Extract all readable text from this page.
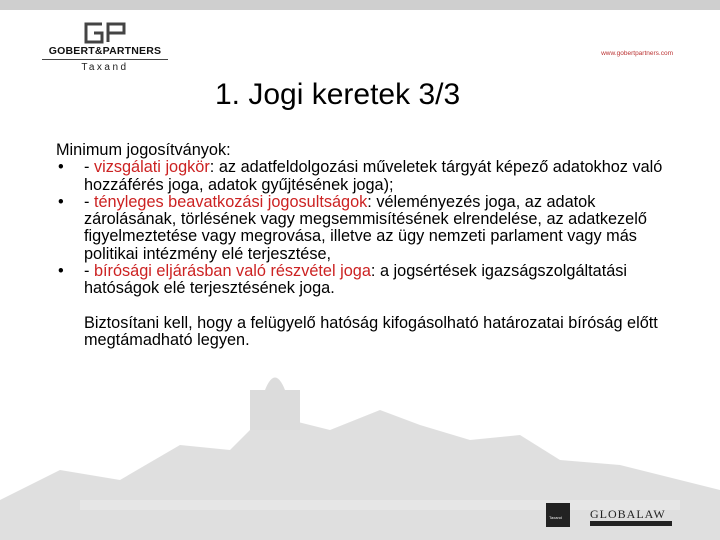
GOBERT&PARTNERS
Taxand
www.gobertpartners.com
1. Jogi keretek 3/3
Minimum jogosítványok:
• - vizsgálati jogkör: az adatfeldolgozási műveletek tárgyát képező adatokhoz való hozzáférés joga, adatok gyűjtésének joga);
• - tényleges beavatkozási jogosultságok: véleményezés joga, az adatok zárolásának, törlésének vagy megsemmisítésének elrendelése, az adatkezelő figyelmeztetése vagy megrovása, illetve az ügy nemzeti parlament vagy más politikai intézmény elé terjesztése,
• - bírósági eljárásban való részvétel joga: a jogsértések igazságszolgáltatási hatóságok elé terjesztésének joga.
Biztosítani kell, hogy a felügyelő hatóság kifogásolható határozatai bíróság előtt megtámadható legyen.
Taxand GLOBALAW
